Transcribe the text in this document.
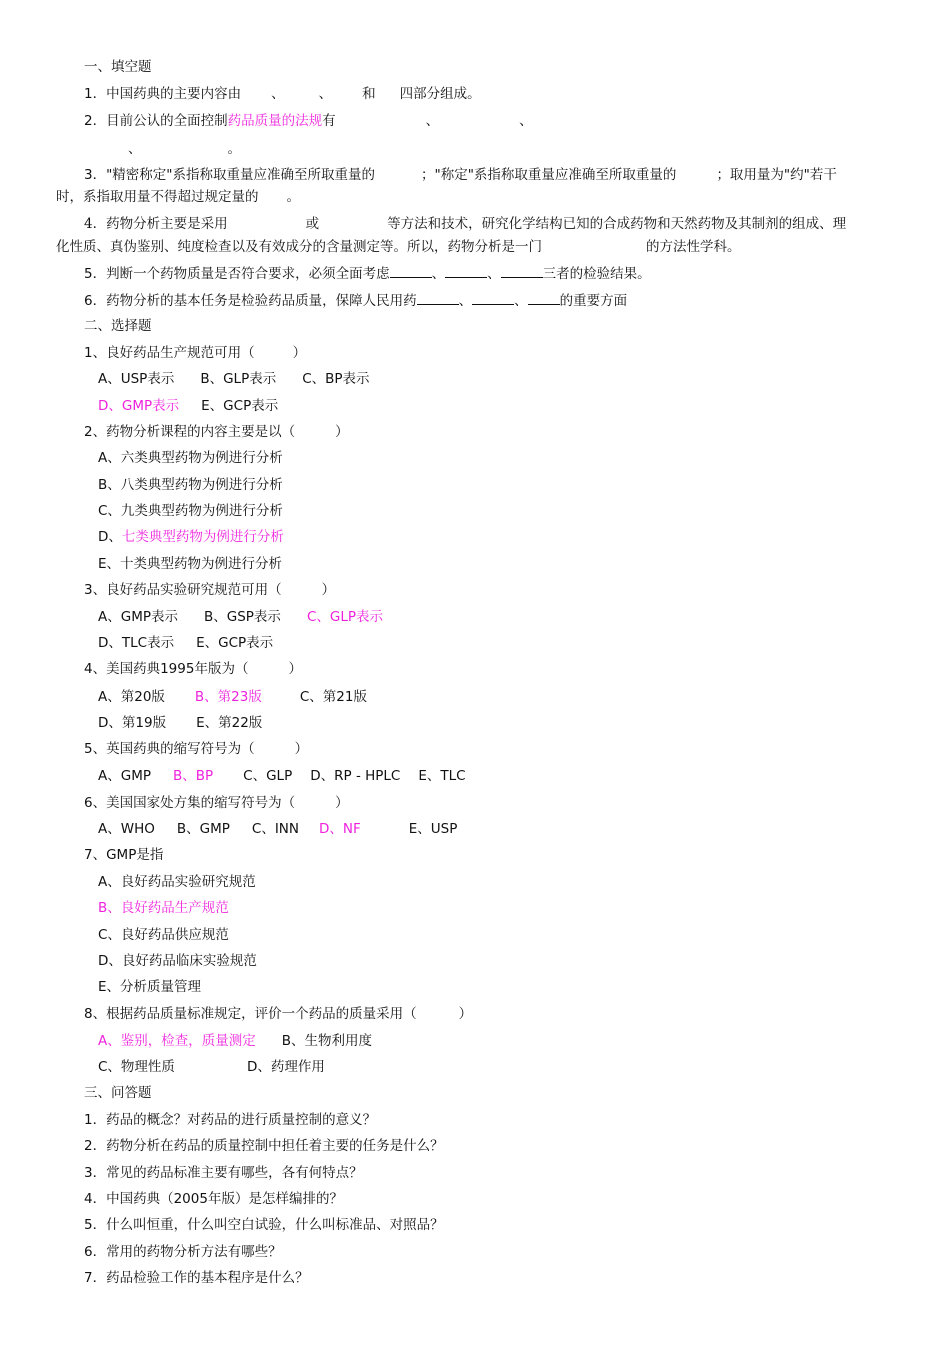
一、填空题
1．中国药典的主要内容由 、	、 和 四部分组成。
2．目前公认的全面控制药品质量的法规有	、	、
、	。
3．"精密称定"系指称取重量应准确至所取重量的	；"称定"系指称取重量应准确至所取重量的	；取用量为"约"若干
时，系指取用量不得超过规定量的 。
4．药物分析主要是采用	或	等方法和技术，研究化学结构已知的合成药物和天然药物及其制剂的组成、理
化性质、真伪鉴别、纯度检查以及有效成分的含量测定等。所以，药物分析是一门	的方法性学科。
5．判断一个药物质量是否符合要求，必须全面考虑	、	、	三者的检验结果。
6．药物分析的基本任务是检验药品质量，保障人民用药	、	、 的重要方面
二、选择题
1、良好药品生产规范可用（	）
A、USP表示 B、GLP表示 C、BP表示
D、GMP表示 E、GCP表示
2、药物分析课程的内容主要是以（	）
A、六类典型药物为例进行分析
B、八类典型药物为例进行分析
C、九类典型药物为例进行分析
D、七类典型药物为例进行分析
E、十类典型药物为例进行分析
3、良好药品实验研究规范可用（	）
A、GMP表示 B、GSP表示 C、GLP表示
D、TLC表示 E、GCP表示
4、美国药典1995年版为（	）
A、第20版 B、第23版	C、第21版
D、第19版 E、第22版
5、英国药典的缩写符号为（	）
A、GMP B、BP C、GLP D、RP - HPLC E、TLC
6、美国国家处方集的缩写符号为（	）
A、WHO B、GMP C、INN D、NF	E、USP
7、GMP是指
A、良好药品实验研究规范
B、良好药品生产规范
C、良好药品供应规范
D、良好药品临床实验规范
E、分析质量管理
8、根据药品质量标准规定，评价一个药品的质量采用（	）
A、鉴别，检查，质量测定 B、生物利用度
C、物理性质	D、药理作用
三、问答题
1．药品的概念？对药品的进行质量控制的意义？
2．药物分析在药品的质量控制中担任着主要的任务是什么？
3．常见的药品标准主要有哪些，各有何特点？
4．中国药典（2005年版）是怎样编排的？
5．什么叫恒重，什么叫空白试验，什么叫标准品、对照品？
6．常用的药物分析方法有哪些？
7．药品检验工作的基本程序是什么？
